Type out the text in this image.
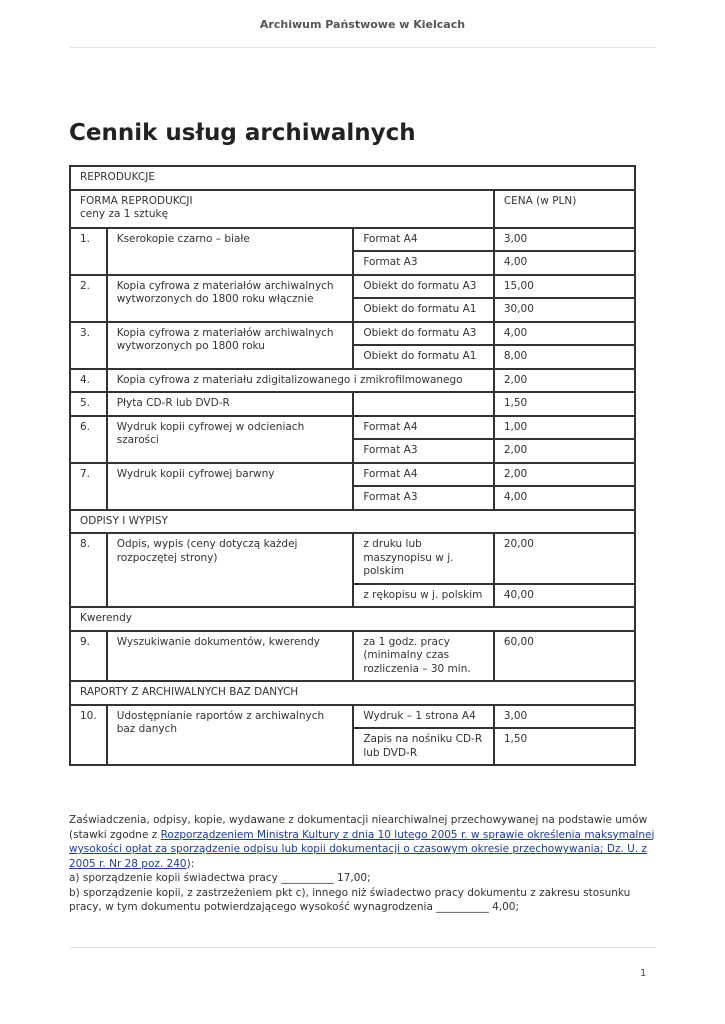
Archiwum Państwowe w Kielcach
Cennik usług archiwalnych
REPRODUKCJE			

FORMA REPRODUKCJI
ceny za 1 sztukę			CENA (w PLN)
1.	Kserokopie czarno – białe	Format A4	3,00
		Format A3	4,00
2.	Kopia cyfrowa z materiałów archiwalnych wytworzonych do 1800 roku włącznie	Obiekt do formatu A3	15,00
		Obiekt do formatu A1	30,00
3.	Kopia cyfrowa z materiałów archiwalnych wytworzonych po 1800 roku	Obiekt do formatu A3	4,00
		Obiekt do formatu A1	8,00
4.	Kopia cyfrowa z materiału zdigitalizowanego i zmikrofilmowanego		2,00
5.	Płyta CD-R lub DVD-R		1,50
6.	Wydruk kopii cyfrowej w odcieniach szarości	Format A4	1,00
		Format A3	2,00
7.	Wydruk kopii cyfrowej barwny	Format A4	2,00
		Format A3	4,00
ODPISY I WYPISY			
8.	Odpis, wypis (ceny dotyczą każdej rozpoczętej strony)	z druku lub maszynopisu w j. polskim	20,00
		z rękopisu w j. polskim	40,00
Kwerendy			
9.	Wyszukiwanie dokumentów, kwerendy	za 1 godz. pracy (minimalny czas rozliczenia – 30 min.	60,00
RAPORTY Z ARCHIWALNYCH BAZ DANYCH			
10.	Udostępnianie raportów z archiwalnych baz danych	Wydruk – 1 strona A4	3,00
		Zapis na nośniku CD-R lub DVD-R	1,50
Zaświadczenia, odpisy, kopie, wydawane z dokumentacji niearchiwalnej przechowywanej na podstawie umów (stawki zgodne z Rozporządzeniem Ministra Kultury z dnia 10 lutego 2005 r. w sprawie określenia maksymalnej wysokości opłat za sporządzenie odpisu lub kopii dokumentacji o czasowym okresie przechowywania; Dz. U. z 2005 r. Nr 28 poz. 240):
a) sporządzenie kopii świadectwa pracy __________ 17,00;
b) sporządzenie kopii, z zastrzeżeniem pkt c), innego niż świadectwo pracy dokumentu z zakresu stosunku pracy, w tym dokumentu potwierdzającego wysokość wynagrodzenia __________ 4,00;
1
